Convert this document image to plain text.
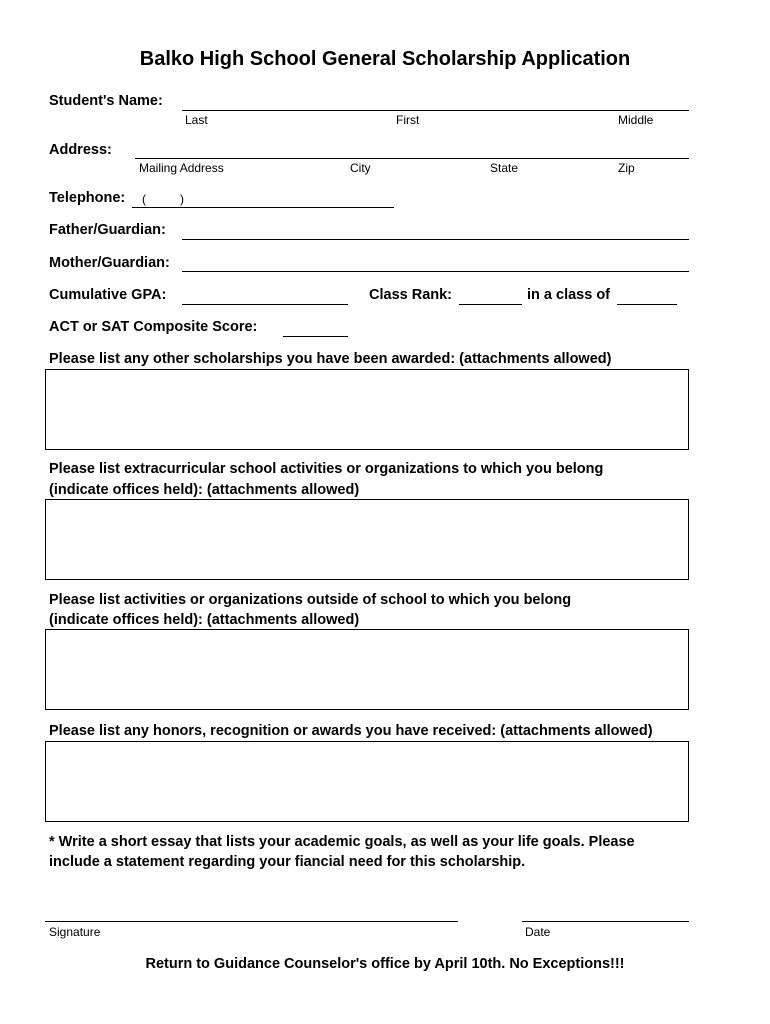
Balko High School General Scholarship Application
Student's Name:
Last	First	Middle
Address:
Mailing Address	City	State	Zip
Telephone: (	)
Father/Guardian:
Mother/Guardian:
Cumulative GPA:	Class Rank:	in a class of
ACT or SAT Composite Score:
Please list any other scholarships you have been awarded: (attachments allowed)
Please list extracurricular school activities or organizations to which you belong
(indicate offices held): (attachments allowed)
Please list activities or organizations outside of school to which you belong
(indicate offices held): (attachments allowed)
Please list any honors, recognition or awards you have received: (attachments allowed)
* Write a short essay that lists your academic goals, as well as your life goals. Please
include a statement regarding your fiancial need for this scholarship.
Signature	Date
Return to Guidance Counselor's office by April 10th. No Exceptions!!!
